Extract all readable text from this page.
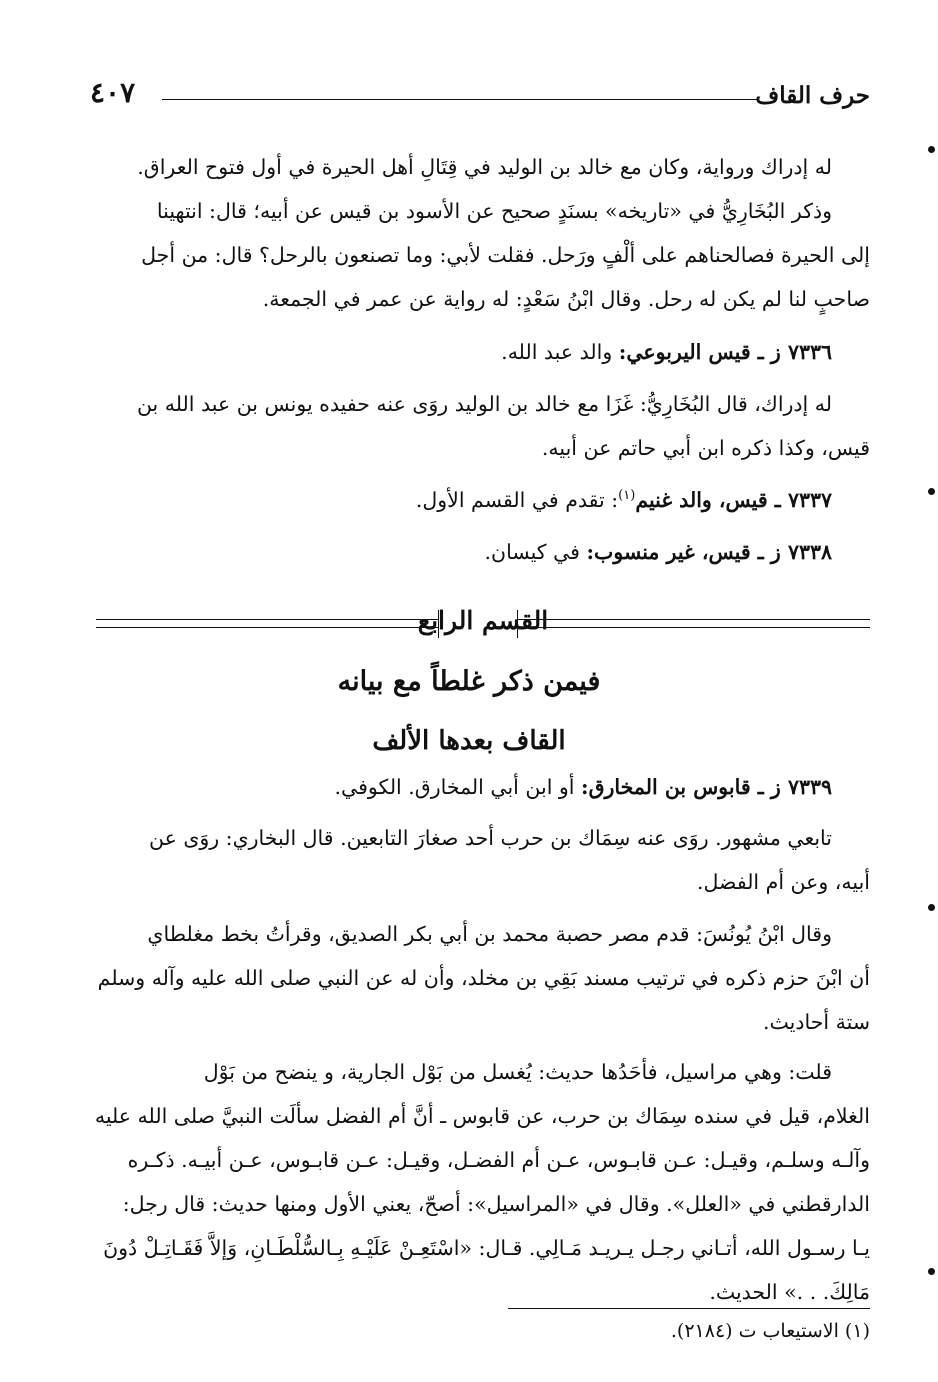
حرف القاف
٤٠٧
له إدراك ورواية، وكان مع خالد بن الوليد في قِتَالِ أهل الحيرة في أول فتوح العراق.
وذكر البُخَارِيُّ في «تاريخه» بسنَدٍ صحيح عن الأسود بن قيس عن أبيه؛ قال: انتهينا
إلى الحيرة فصالحناهم على ألْفٍ ورَحل. فقلت لأبي: وما تصنعون بالرحل؟ قال: من أجل
صاحبٍ لنا لم يكن له رحل. وقال ابْنُ سَعْدٍ: له رواية عن عمر في الجمعة.
٧٣٣٦ ز ـ قيس اليربوعي: والد عبد الله.
له إدراك، قال البُخَارِيُّ: غَزَا مع خالد بن الوليد روَى عنه حفيده يونس بن عبد الله بن
قيس، وكذا ذكره ابن أبي حاتم عن أبيه.
٧٣٣٧ ـ قيس، والد غنيم$^{(١)}$: تقدم في القسم الأول.
٧٣٣٨ ز ـ قيس، غير منسوب: في كيسان.
القسم الرابع
فيمن ذكر غلطاً مع بيانه
القاف بعدها الألف
٧٣٣٩ ز ـ قابوس بن المخارق: أو ابن أبي المخارق. الكوفي.
تابعي مشهور. روَى عنه سِمَاك بن حرب أحد صغارَ التابعين. قال البخاري: روَى عن
أبيه، وعن أم الفضل.
وقال ابْنُ يُونُسَ: قدم مصر حصبة محمد بن أبي بكر الصديق، وقرأتُ بخط مغلطاي
أن ابْنَ حزم ذكره في ترتيب مسند بَقِي بن مخلد، وأن له عن النبي صلى الله عليه وآله وسلم
ستة أحاديث.
قلت: وهي مراسيل، فأحَدُها حديث: يُغسل من بَوْل الجارية، و ينضح من بَوْل
الغلام، قيل في سنده سِمَاك بن حرب، عن قابوس ـ أنَّ أم الفضل سألَت النبيَّ صلى الله عليه
وآلـه وسلـم، وقيـل: عـن قابـوس، عـن أم الفضـل، وقيـل: عـن قابـوس، عـن أبيـه. ذكـره
الدارقطني في «العلل». وقال في «المراسيل»: أصحّ، يعني الأول ومنها حديث: قال رجل:
يـا رسـول الله، أتـاني رجـل يـريـد مَـالِي. قـال: «اسْتَعِـنْ عَلَيْـهِ بِـالسُّلْطَـانِ، وَإلاَّ فَقَـاتِـلْ دُونَ
مَالِكَ. . .» الحديث.
(١) الاستيعاب ت (٢١٨٤).
